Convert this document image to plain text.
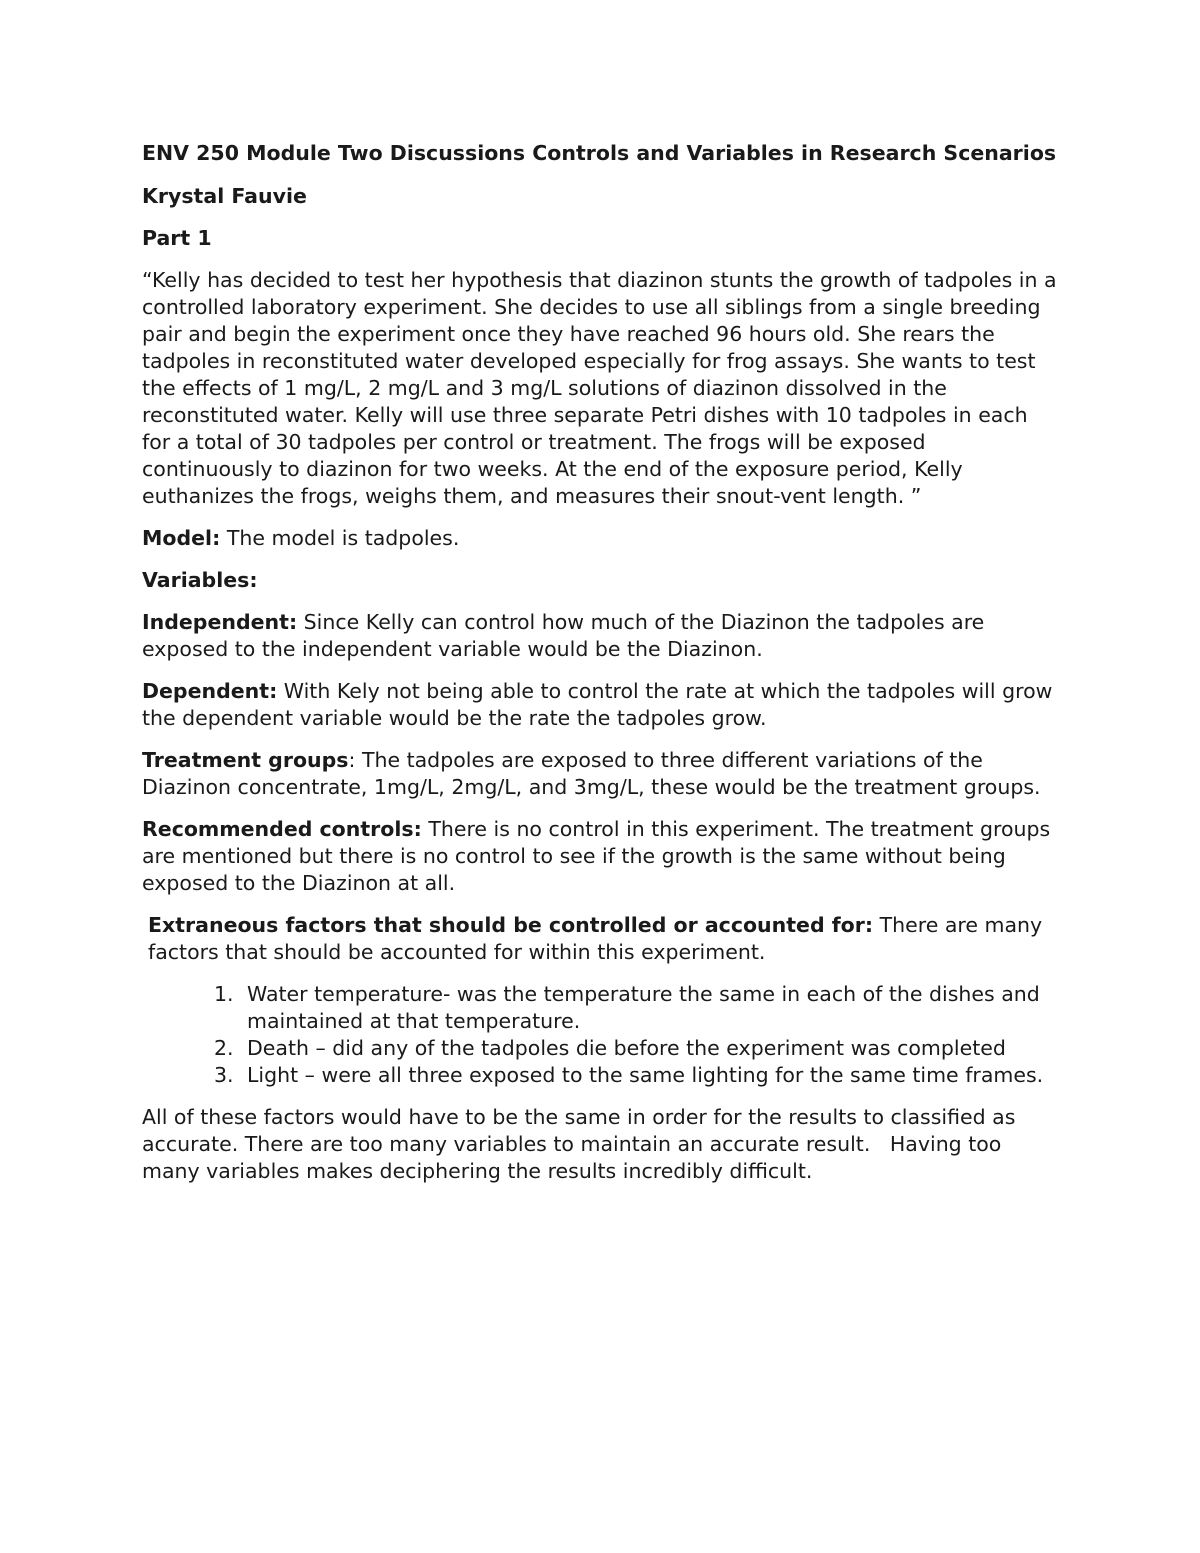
ENV 250 Module Two Discussions Controls and Variables in Research Scenarios

Krystal Fauvie

Part 1

“Kelly has decided to test her hypothesis that diazinon stunts the growth of tadpoles in a controlled laboratory experiment. She decides to use all siblings from a single breeding pair and begin the experiment once they have reached 96 hours old. She rears the tadpoles in reconstituted water developed especially for frog assays. She wants to test the effects of 1 mg/L, 2 mg/L and 3 mg/L solutions of diazinon dissolved in the reconstituted water. Kelly will use three separate Petri dishes with 10 tadpoles in each for a total of 30 tadpoles per control or treatment. The frogs will be exposed continuously to diazinon for two weeks. At the end of the exposure period, Kelly euthanizes the frogs, weighs them, and measures their snout-vent length. ”

Model: The model is tadpoles.

Variables:

Independent: Since Kelly can control how much of the Diazinon the tadpoles are exposed to the independent variable would be the Diazinon.

Dependent: With Kely not being able to control the rate at which the tadpoles will grow the dependent variable would be the rate the tadpoles grow.

Treatment groups: The tadpoles are exposed to three different variations of the Diazinon concentrate, 1mg/L, 2mg/L, and 3mg/L, these would be the treatment groups.

Recommended controls: There is no control in this experiment. The treatment groups are mentioned but there is no control to see if the growth is the same without being exposed to the Diazinon at all.

Extraneous factors that should be controlled or accounted for: There are many factors that should be accounted for within this experiment.

1. Water temperature- was the temperature the same in each of the dishes and maintained at that temperature.
2. Death – did any of the tadpoles die before the experiment was completed
3. Light – were all three exposed to the same lighting for the same time frames.

All of these factors would have to be the same in order for the results to classified as accurate. There are too many variables to maintain an accurate result.   Having too many variables makes deciphering the results incredibly difficult.
